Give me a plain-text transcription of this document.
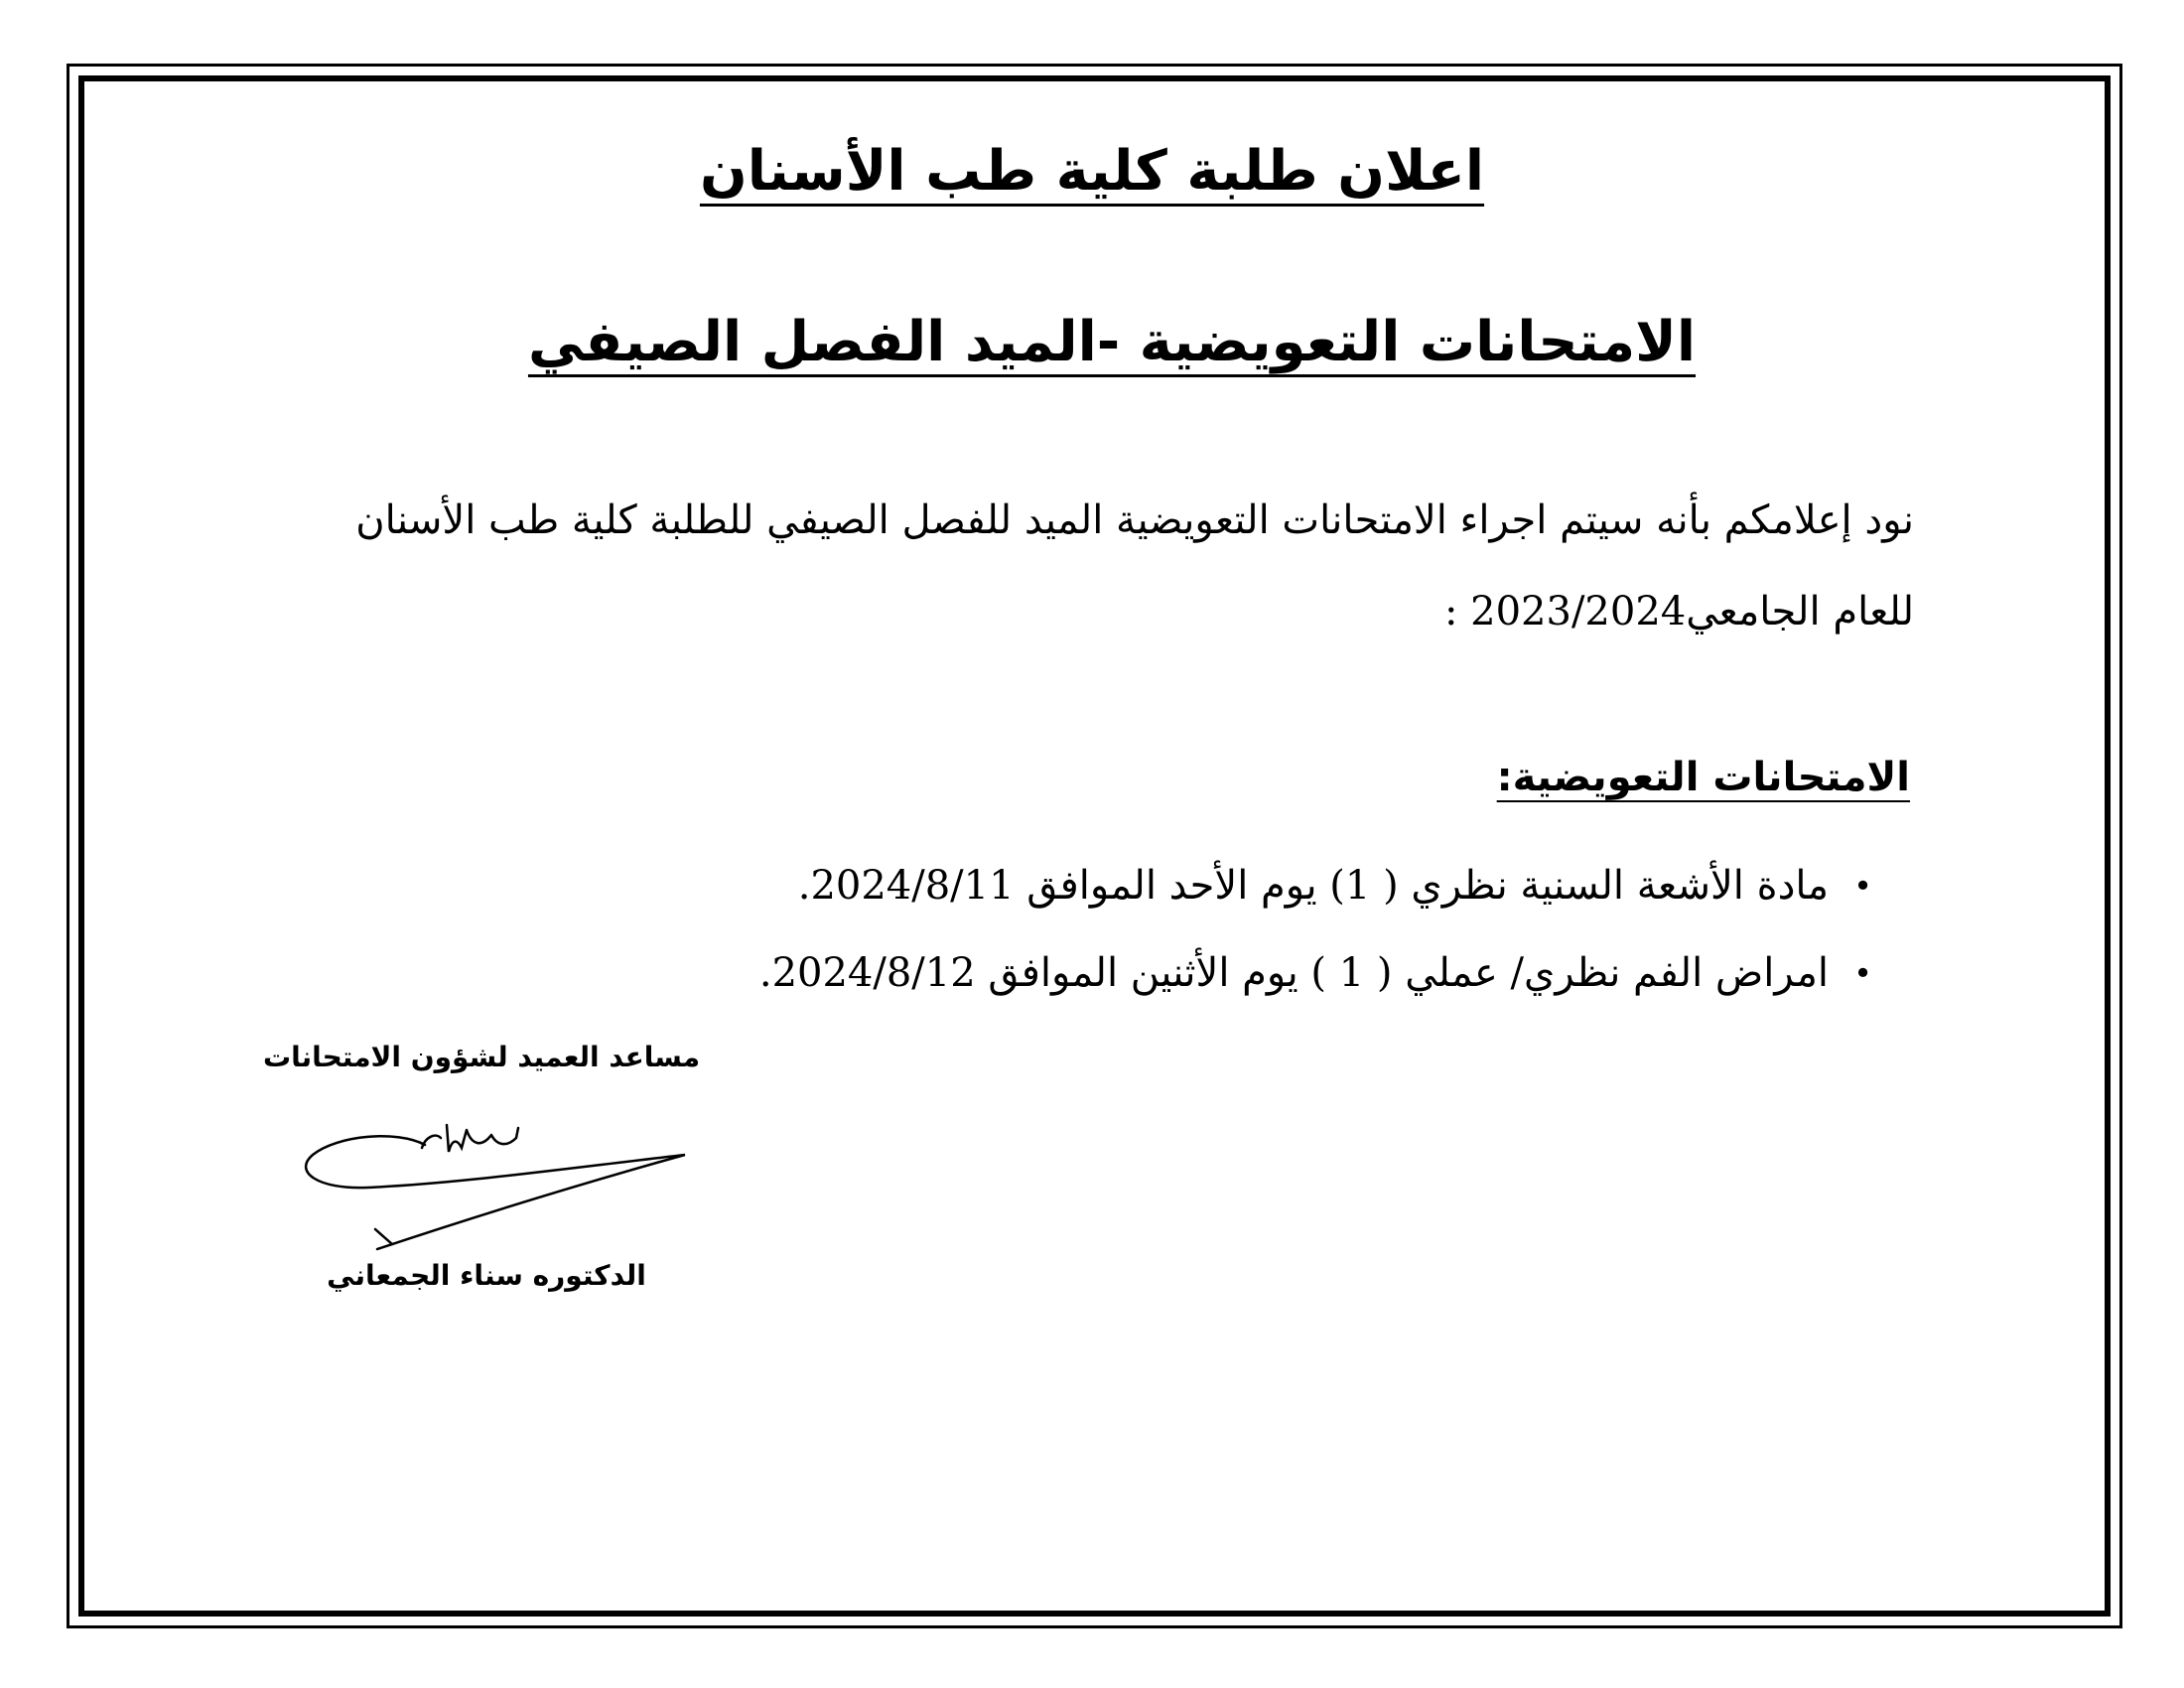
اعلان طلبة كلية طب الأسنان
الامتحانات التعويضية -الميد الفصل الصيفي

نود إعلامكم بأنه سيتم اجراء الامتحانات التعويضية الميد للفصل الصيفي للطلبة كلية طب الأسنان
للعام الجامعي2023/2024 :

الامتحانات التعويضية:
•
مادة الأشعة السنية نظري ( 1) يوم الأحد الموافق 2024/8/11.
•
امراض الفم نظري/ عملي ( 1 ) يوم الأثنين الموافق 2024/8/12.

مساعد العميد لشؤون الامتحانات

الدكتوره سناء الجمعاني
